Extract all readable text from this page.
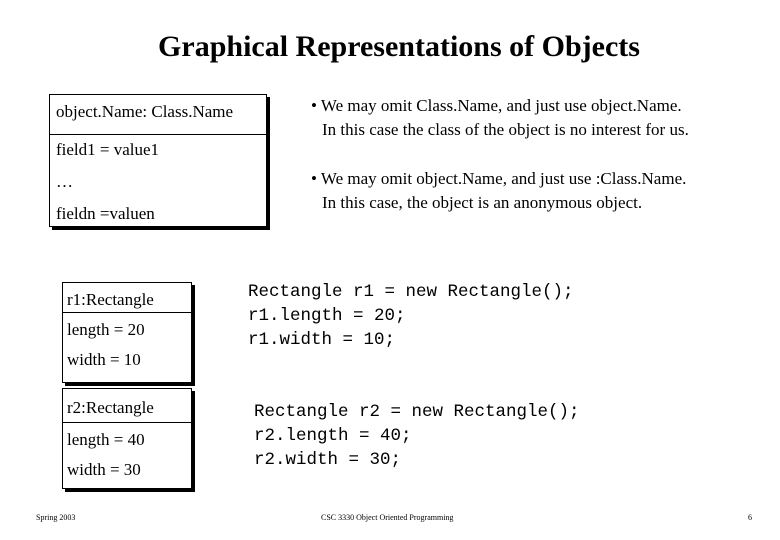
Graphical Representations of Objects
object.Name: Class.Name
field1 = value1
…
fieldn =valuen

• We may omit Class.Name, and just use object.Name.
In this case the class of the object is no interest for us.

• We may omit object.Name, and just use :Class.Name.
In this case, the object is an anonymous object.

r1:Rectangle
length = 20
width = 10
r2:Rectangle
length = 40
width = 30
Rectangle r1 = new Rectangle();
r1.length = 20;
r1.width = 10;
Rectangle r2 = new Rectangle();
r2.length = 40;
r2.width = 30;
Spring 2003	CSC 3330 Object Oriented Programming	6
